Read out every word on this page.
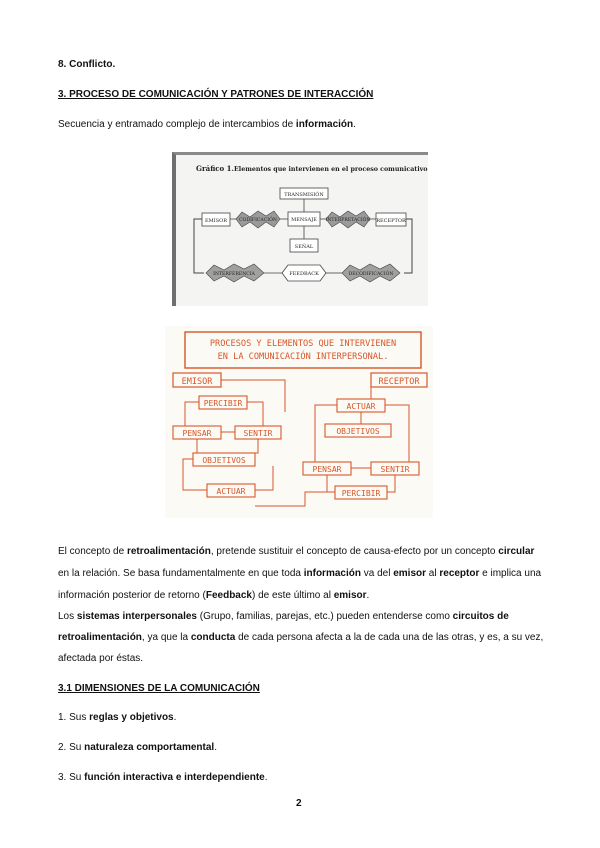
8. Conflicto.
3. PROCESO DE COMUNICACIÓN Y PATRONES DE INTERACCIÓN
Secuencia y entramado complejo de intercambios de información.
Gráfico 1. Elementos que intervienen en el proceso comunicativo
TRANSMISIÓN
EMISOR	CODIFICACIÓN	MENSAJE INTERPRETACIÓN RECEPTOR
SEÑAL
INTERFERENCIA	FEEDBACK	DECODIFICACIÓN
PROCESOS Y ELEMENTOS QUE INTERVIENEN
EN LA COMUNICACIÓN INTERPERSONAL.
EMISOR	RECEPTOR
PERCIBIR
PENSAR	SENTIR
OBJETIVOS
ACTUAR
ACTUAR
OBJETIVOS
PENSAR	SENTIR
PERCIBIR
El concepto de retroalimentación, pretende sustituir el concepto de causa-efecto por un concepto circular
en la relación. Se basa fundamentalmente en que toda información va del emisor al receptor e implica una
información posterior de retorno (Feedback) de este último al emisor.
Los sistemas interpersonales (Grupo, familias, parejas, etc.) pueden entenderse como circuitos de
retroalimentación, ya que la conducta de cada persona afecta a la de cada una de las otras, y es, a su vez,
afectada por éstas.
3.1 DIMENSIONES DE LA COMUNICACIÓN
1. Sus reglas y objetivos.
2. Su naturaleza comportamental.
3. Su función interactiva e interdependiente.
2
